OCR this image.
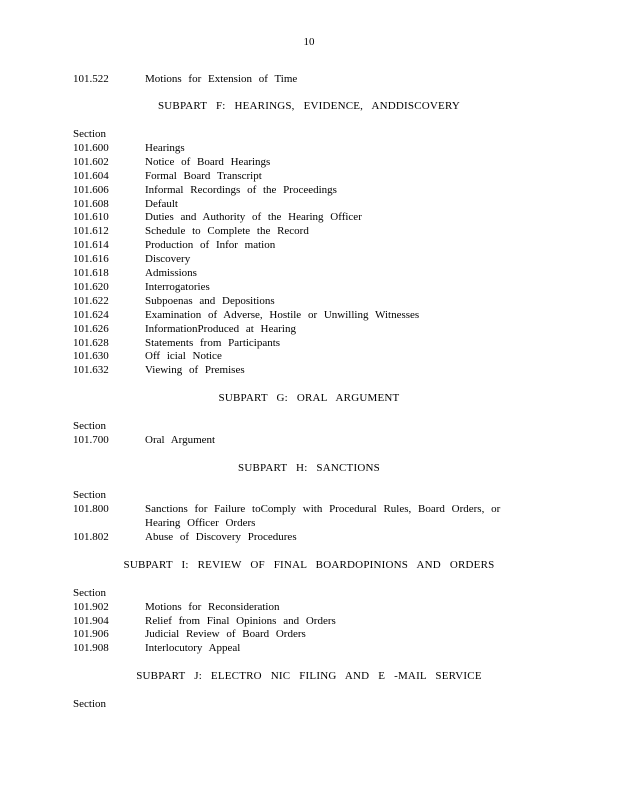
10
101.522	Motions for Extension of Time
SUBPART F: HEARINGS, EVIDENCE, ANDDISCOVERY
Section
101.600	Hearings
101.602	Notice of Board Hearings
101.604	Formal Board Transcript
101.606	Informal Recordings of the Proceedings
101.608	Default
101.610	Duties and Authority of the Hearing Officer
101.612	Schedule to Complete the Record
101.614	Production of Infor mation
101.616	Discovery
101.618	Admissions
101.620	Interrogatories
101.622	Subpoenas and Depositions
101.624	Examination of Adverse, Hostile or Unwilling Witnesses
101.626	InformationProduced at Hearing
101.628	Statements from Participants
101.630	Off icial Notice
101.632	Viewing of Premises
SUBPART G: ORAL ARGUMENT
Section
101.700	Oral Argument
SUBPART H: SANCTIONS
Section
101.800	Sanctions for Failure toComply with Procedural Rules, Board Orders, or Hearing Officer Orders
101.802	Abuse of Discovery Procedures
SUBPART I: REVIEW OF FINAL BOARDOPINIONS AND ORDERS
Section
101.902	Motions for Reconsideration
101.904	Relief from Final Opinions and Orders
101.906	Judicial Review of Board Orders
101.908	Interlocutory Appeal
SUBPART J: ELECTRO NIC FILING AND E -MAIL SERVICE
Section
